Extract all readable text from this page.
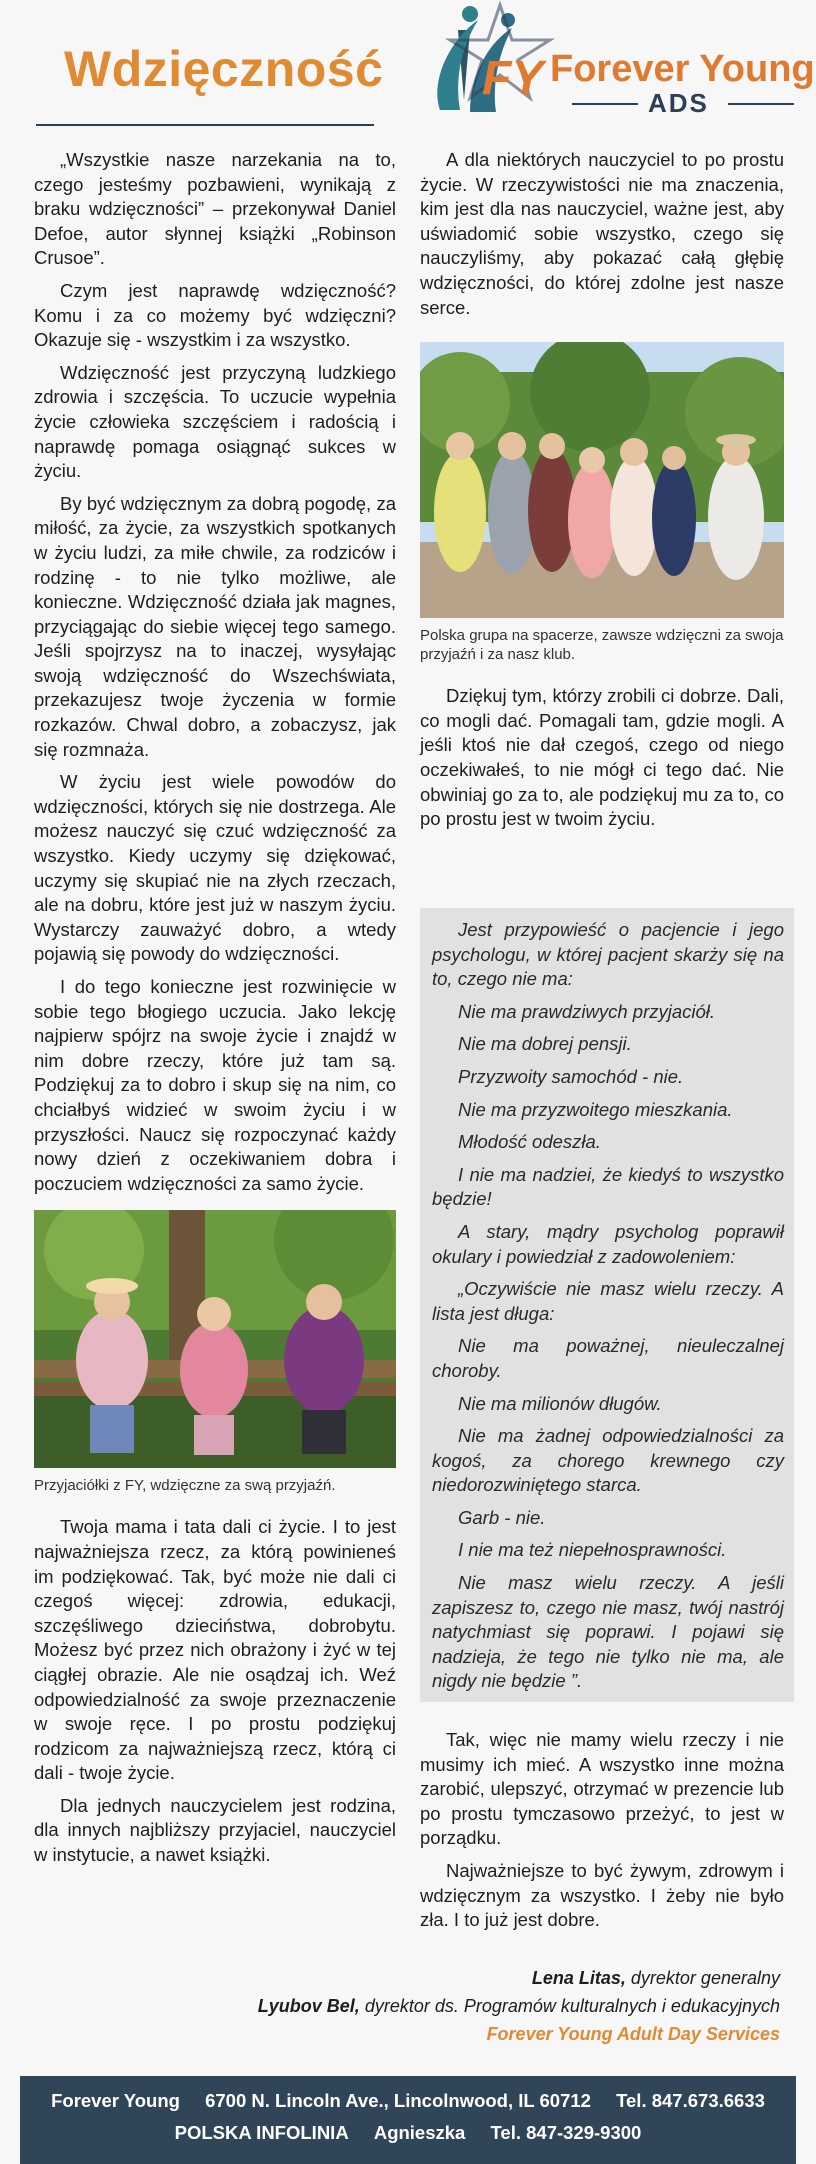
Wdzięczność FY Forever Young
ADS

„Wszystkie nasze narzekania na to, czego jesteśmy pozbawieni, wynikają z braku wdzięczności” – przekonywał Daniel Defoe, autor słynnej książki „Robinson Crusoe”.

Czym jest naprawdę wdzięczność? Komu i za co możemy być wdzięczni? Okazuje się - wszystkim i za wszystko.

Wdzięczność jest przyczyną ludzkiego zdrowia i szczęścia. To uczucie wypełnia życie człowieka szczęściem i radością i naprawdę pomaga osiągnąć sukces w życiu.

By być wdzięcznym za dobrą pogodę, za miłość, za życie, za wszystkich spotkanych w życiu ludzi, za miłe chwile, za rodziców i rodzinę - to nie tylko możliwe, ale konieczne. Wdzięczność działa jak magnes, przyciągając do siebie więcej tego samego. Jeśli spojrzysz na to inaczej, wysyłając swoją wdzięczność do Wszechświata, przekazujesz twoje życzenia w formie rozkazów. Chwal dobro, a zobaczysz, jak się rozmnaża.

W życiu jest wiele powodów do wdzięczności, których się nie dostrzega. Ale możesz nauczyć się czuć wdzięczność za wszystko. Kiedy uczymy się dziękować, uczymy się skupiać nie na złych rzeczach, ale na dobru, które jest już w naszym życiu. Wystarczy zauważyć dobro, a wtedy pojawią się powody do wdzięczności.

I do tego konieczne jest rozwinięcie w sobie tego błogiego uczucia. Jako lekcję najpierw spójrz na swoje życie i znajdź w nim dobre rzeczy, które już tam są. Podziękuj za to dobro i skup się na nim, co chciałbyś widzieć w swoim życiu i w przyszłości. Naucz się rozpoczynać każdy nowy dzień z oczekiwaniem dobra i poczuciem wdzięczności za samo życie.

Przyjaciółki z FY, wdzięczne za swą przyjaźń.

Twoja mama i tata dali ci życie. I to jest najważniejsza rzecz, za którą powinieneś im podziękować. Tak, być może nie dali ci czegoś więcej: zdrowia, edukacji, szczęśliwego dzieciństwa, dobrobytu. Możesz być przez nich obrażony i żyć w tej ciągłej obrazie. Ale nie osądzaj ich. Weź odpowiedzialność za swoje przeznaczenie w swoje ręce. I po prostu podziękuj rodzicom za najważniejszą rzecz, którą ci dali - twoje życie.

Dla jednych nauczycielem jest rodzina, dla innych najbliższy przyjaciel, nauczyciel w instytucie, a nawet książki.

A dla niektórych nauczyciel to po prostu życie. W rzeczywistości nie ma znaczenia, kim jest dla nas nauczyciel, ważne jest, aby uświadomić sobie wszystko, czego się nauczyliśmy, aby pokazać całą głębię wdzięczności, do której zdolne jest nasze serce.

Polska grupa na spacerze, zawsze wdzięczni za swoja przyjaźń i za nasz klub.

Dziękuj tym, którzy zrobili ci dobrze. Dali, co mogli dać. Pomagali tam, gdzie mogli. A jeśli ktoś nie dał czegoś, czego od niego oczekiwałeś, to nie mógł ci tego dać. Nie obwiniaj go za to, ale podziękuj mu za to, co po prostu jest w twoim życiu.

Jest przypowieść o pacjencie i jego psychologu, w której pacjent skarży się na to, czego nie ma:

Nie ma prawdziwych przyjaciół.

Nie ma dobrej pensji.

Przyzwoity samochód - nie.

Nie ma przyzwoitego mieszkania.

Młodość odeszła.

I nie ma nadziei, że kiedyś to wszystko będzie!

A stary, mądry psycholog poprawił okulary i powiedział z zadowoleniem:

„Oczywiście nie masz wielu rzeczy. A lista jest długa:

Nie ma poważnej, nieuleczalnej choroby.

Nie ma milionów długów.

Nie ma żadnej odpowiedzialności za kogoś, za chorego krewnego czy niedorozwiniętego starca.

Garb - nie.

I nie ma też niepełnosprawności.

Nie masz wielu rzeczy. A jeśli zapiszesz to, czego nie masz, twój nastrój natychmiast się poprawi. I pojawi się nadzieja, że tego nie tylko nie ma, ale nigdy nie będzie ”.

Tak, więc nie mamy wielu rzeczy i nie musimy ich mieć. A wszystko inne można zarobić, ulepszyć, otrzymać w prezencie lub po prostu tymczasowo przeżyć, to jest w porządku.

Najważniejsze to być żywym, zdrowym i wdzięcznym za wszystko. I żeby nie było zła. I to już jest dobre.

Lena Litas, dyrektor generalny
Lyubov Bel, dyrektor ds. Programów kulturalnych i edukacyjnych
Forever Young Adult Day Services
Forever Young 6700 N. Lincoln Ave., Lincolnwood, IL 60712 Tel. 847.673.6633
POLSKA INFOLINIA Agnieszka Tel. 847-329-9300
